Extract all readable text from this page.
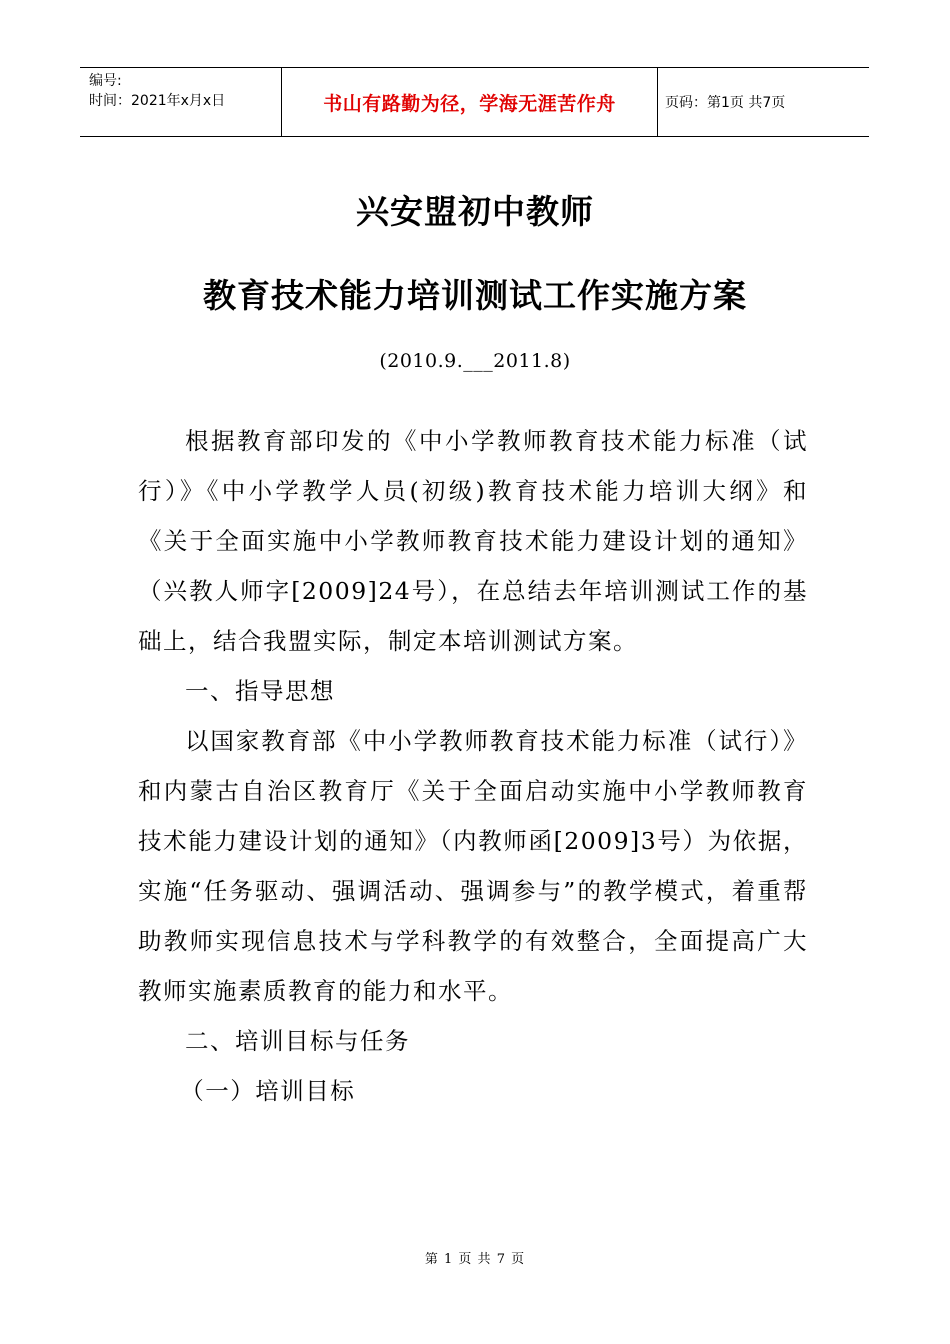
编号:
时间：2021年x月x日	书山有路勤为径，学海无涯苦作舟	页码：第1页 共7页
兴安盟初中教师
教育技术能力培训测试工作实施方案
(2010.9.___2011.8)

根据教育部印发的《中小学教师教育技术能力标准（试行）》《中小学教学人员(初级)教育技术能力培训大纲》和《关于全面实施中小学教师教育技术能力建设计划的通知》（兴教人师字[2009]24号），在总结去年培训测试工作的基础上，结合我盟实际，制定本培训测试方案。

一、指导思想

以国家教育部《中小学教师教育技术能力标准（试行）》和内蒙古自治区教育厅《关于全面启动实施中小学教师教育技术能力建设计划的通知》（内教师函[2009]3号）为依据，实施“任务驱动、强调活动、强调参与”的教学模式，着重帮助教师实现信息技术与学科教学的有效整合，全面提高广大教师实施素质教育的能力和水平。

二、培训目标与任务

（一）培训目标

第 1 页 共 7 页
